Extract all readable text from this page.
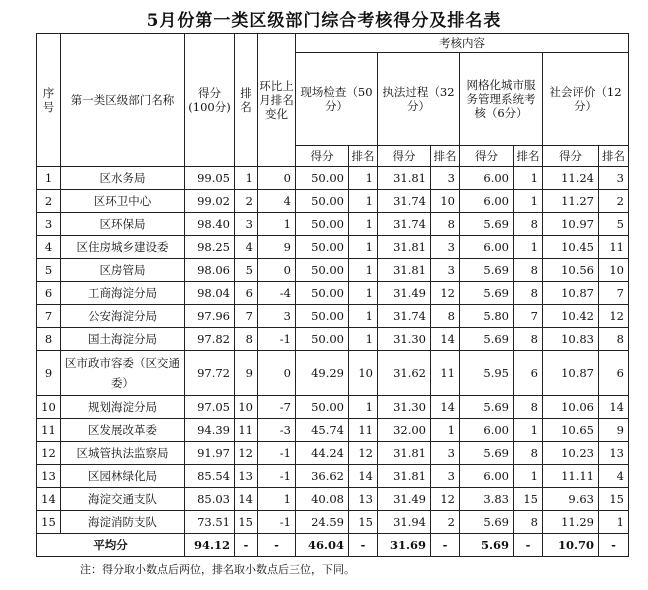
5月份第一类区级部门综合考核得分及排名表
序号	第一类区级部门名称	得分(100分)	排名	环比上月排名变化	考核内容							
					现场检查（50分）		执法过程（32分）		网格化城市服务管理系统考核（6分）		社会评价（12分）	
					得分	排名	得分	排名	得分	排名	得分	排名
1	区水务局	99.05	1	0	50.00	1	31.81	3	6.00	1	11.24	3
2	区环卫中心	99.02	2	4	50.00	1	31.74	10	6.00	1	11.27	2
3	区环保局	98.40	3	1	50.00	1	31.74	8	5.69	8	10.97	5
4	区住房城乡建设委	98.25	4	9	50.00	1	31.81	3	6.00	1	10.45	11
5	区房管局	98.06	5	0	50.00	1	31.81	3	5.69	8	10.56	10
6	工商海淀分局	98.04	6	-4	50.00	1	31.49	12	5.69	8	10.87	7
7	公安海淀分局	97.96	7	3	50.00	1	31.74	8	5.80	7	10.42	12
8	国土海淀分局	97.82	8	-1	50.00	1	31.30	14	5.69	8	10.83	8
9	区市政市容委（区交通委）	97.72	9	0	49.29	10	31.62	11	5.95	6	10.87	6
10	规划海淀分局	97.05	10	-7	50.00	1	31.30	14	5.69	8	10.06	14
11	区发展改革委	94.39	11	-3	45.74	11	32.00	1	6.00	1	10.65	9
12	区城管执法监察局	91.97	12	-1	44.24	12	31.81	3	5.69	8	10.23	13
13	区园林绿化局	85.54	13	-1	36.62	14	31.81	3	6.00	1	11.11	4
14	海淀交通支队	85.03	14	1	40.08	13	31.49	12	3.83	15	9.63	15
15	海淀消防支队	73.51	15	-1	24.59	15	31.94	2	5.69	8	11.29	1
平均分		94.12	-	-	46.04	-	31.69	-	5.69	-	10.70	-
注：得分取小数点后两位，排名取小数点后三位，下同。
